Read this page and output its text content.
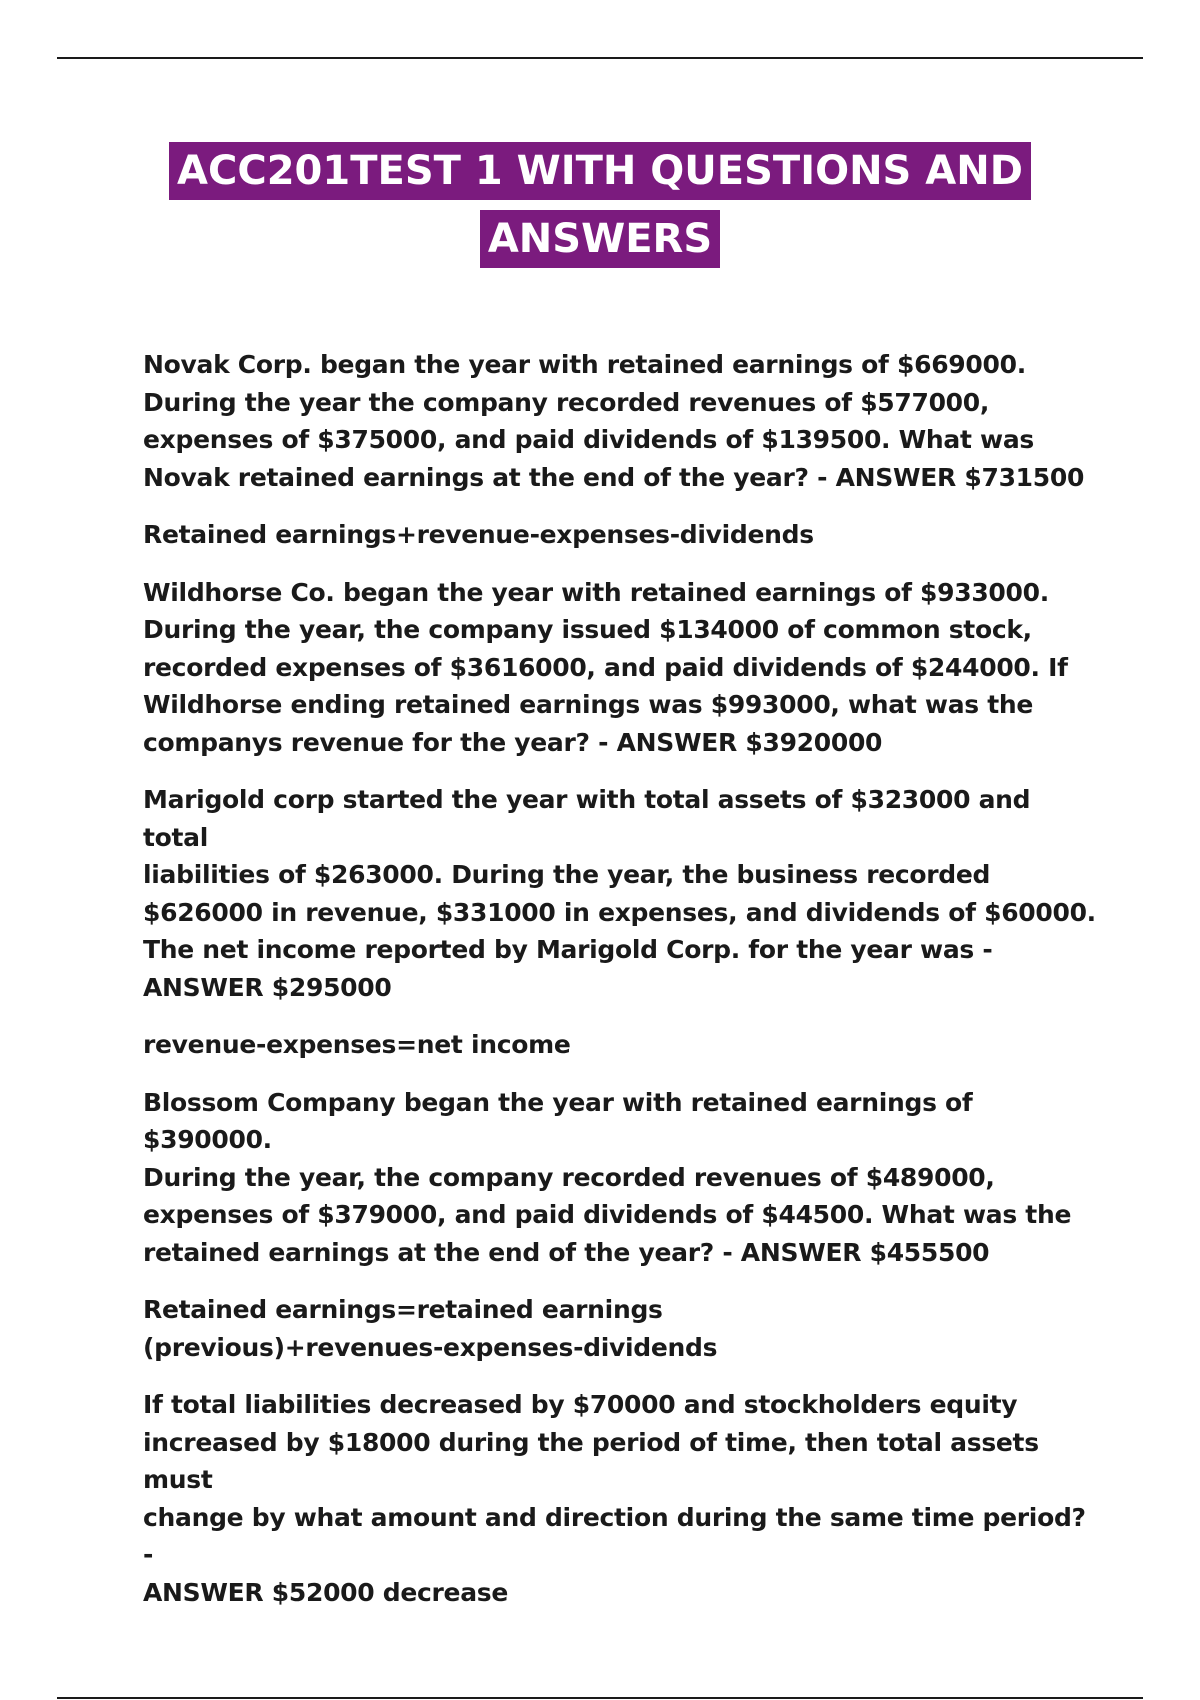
ACC201TEST 1 WITH QUESTIONS AND
ANSWERS

Novak Corp. began the year with retained earnings of $669000.
During the year the company recorded revenues of $577000,
expenses of $375000, and paid dividends of $139500. What was
Novak retained earnings at the end of the year? - ANSWER $731500

Retained earnings+revenue-expenses-dividends

Wildhorse Co. began the year with retained earnings of $933000.
During the year, the company issued $134000 of common stock,
recorded expenses of $3616000, and paid dividends of $244000. If
Wildhorse ending retained earnings was $993000, what was the
companys revenue for the year? - ANSWER $3920000

Marigold corp started the year with total assets of $323000 and total
liabilities of $263000. During the year, the business recorded
$626000 in revenue, $331000 in expenses, and dividends of $60000.
The net income reported by Marigold Corp. for the year was -
ANSWER $295000

revenue-expenses=net income

Blossom Company began the year with retained earnings of $390000.
During the year, the company recorded revenues of $489000,
expenses of $379000, and paid dividends of $44500. What was the
retained earnings at the end of the year? - ANSWER $455500

Retained earnings=retained earnings
(previous)+revenues-expenses-dividends

If total liabilities decreased by $70000 and stockholders equity
increased by $18000 during the period of time, then total assets must
change by what amount and direction during the same time period? -
ANSWER $52000 decrease
